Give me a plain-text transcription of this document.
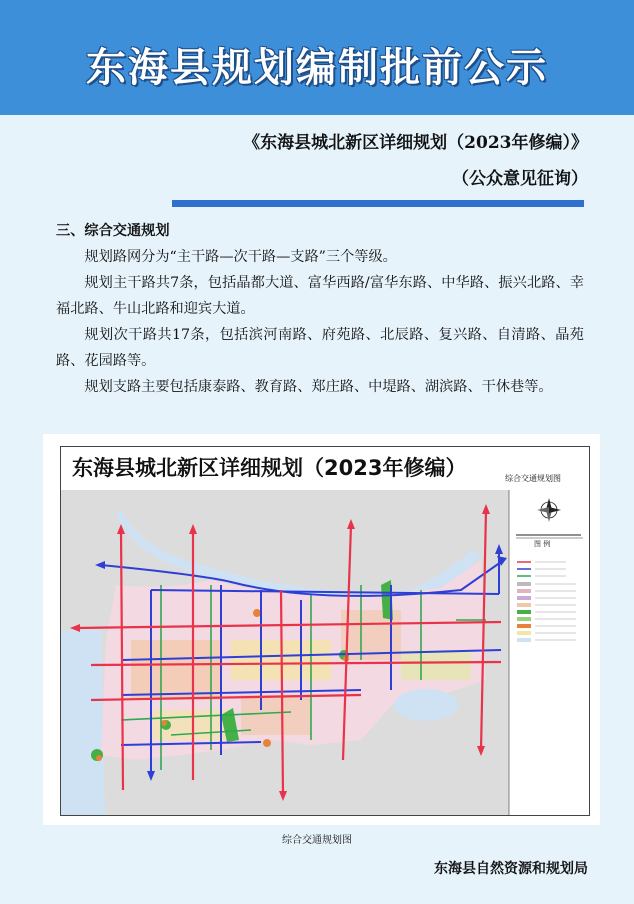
东海县规划编制批前公示
《东海县城北新区详细规划（2023年修编）》
（公众意见征询）
三、综合交通规划

规划路网分为“主干路—次干路—支路”三个等级。

规划主干路共7条，包括晶都大道、富华西路/富华东路、中华路、振兴北路、幸福北路、牛山北路和迎宾大道。

规划次干路共17条，包括滨河南路、府苑路、北辰路、复兴路、自清路、晶苑路、花园路等。

规划支路主要包括康泰路、教育路、郑庄路、中堤路、湖滨路、干休巷等。

东海县城北新区详细规划（2023年修编）	综合交通规划图
图 例
综合交通规划图
东海县自然资源和规划局
